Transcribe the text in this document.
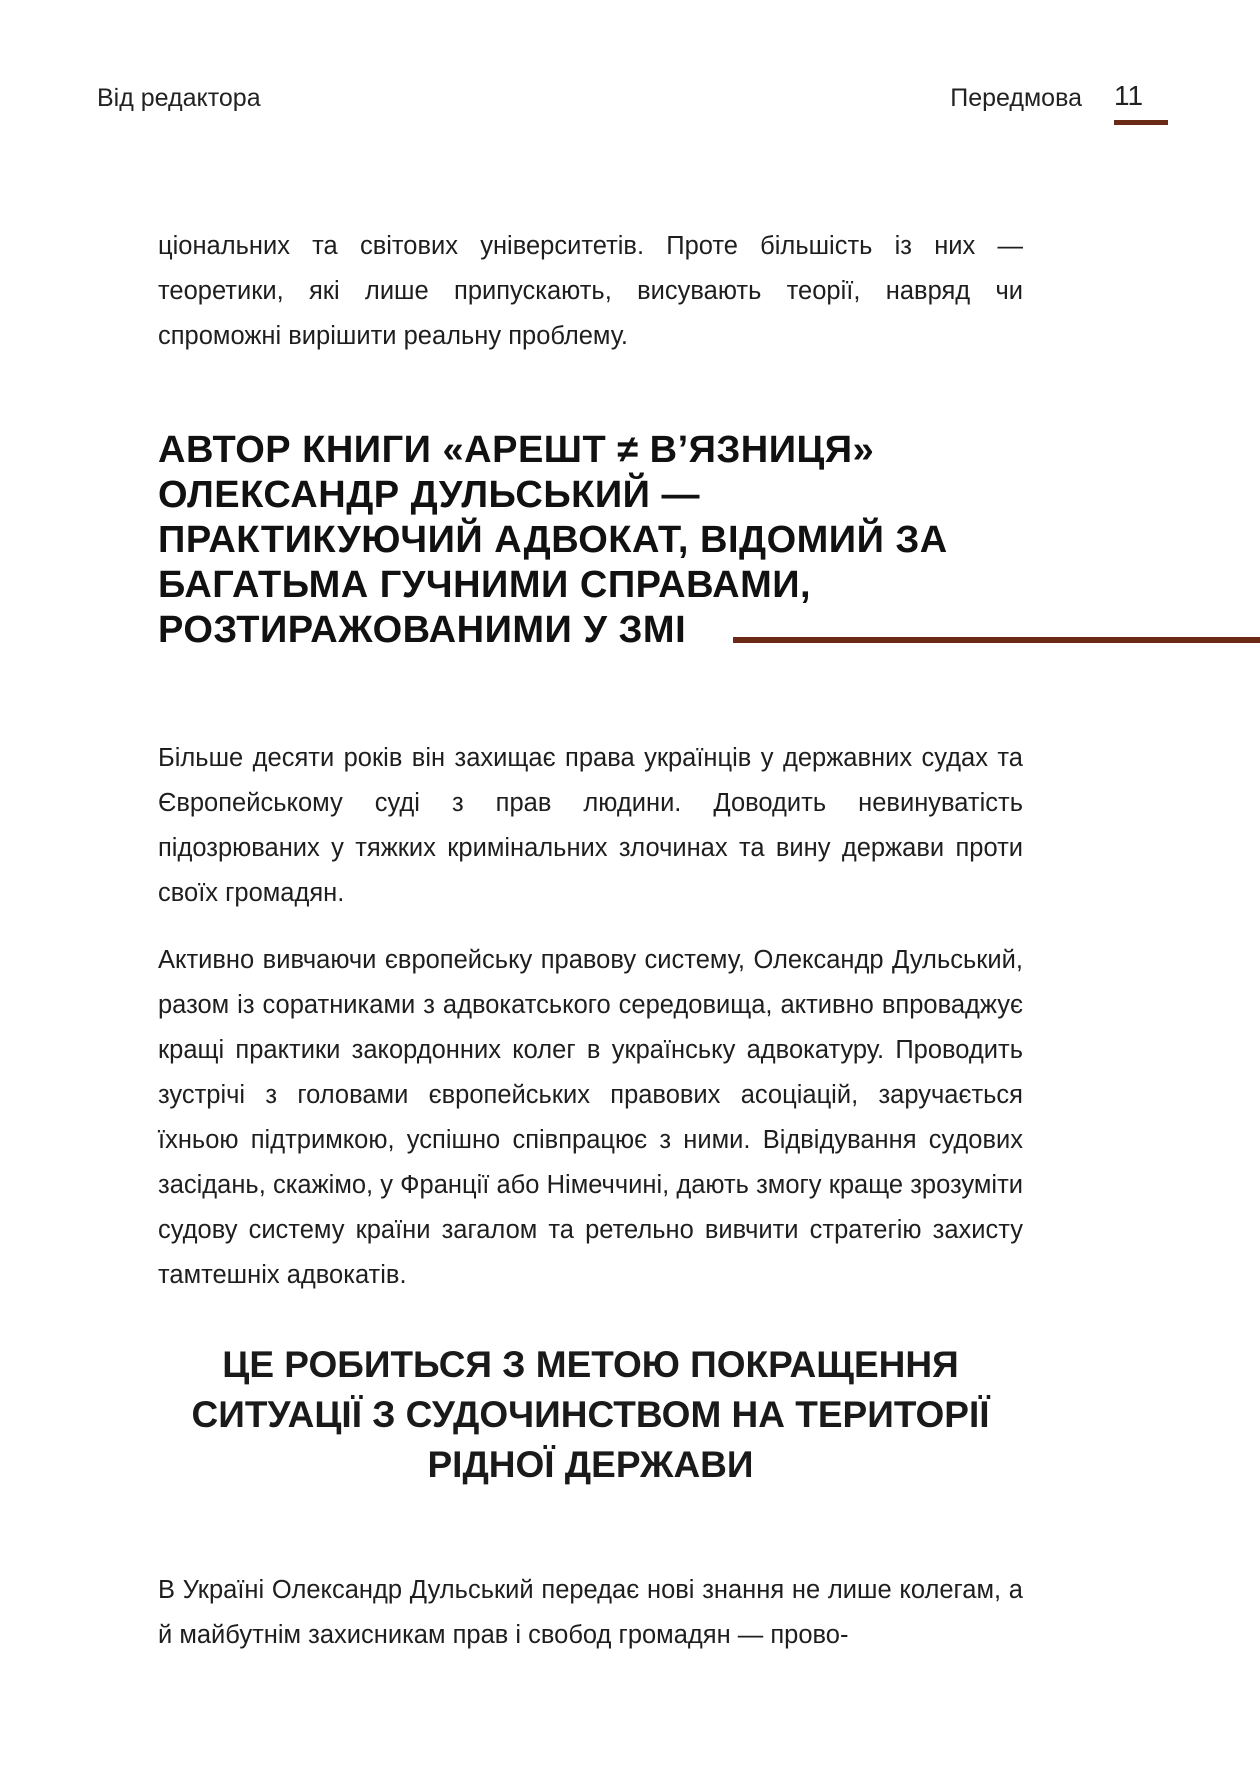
Від редактора	Передмова 11

ціональних та світових університетів. Проте більшість із них — теоретики, які лише припускають, висувають теорії, навряд чи спроможні вирішити реальну проблему.

АВТОР КНИГИ «АРЕШТ ≠ В’ЯЗНИЦЯ» ОЛЕКСАНДР ДУЛЬСЬКИЙ — ПРАКТИКУЮЧИЙ АДВОКАТ, ВІДОМИЙ ЗА БАГАТЬМА ГУЧНИМИ СПРАВАМИ, РОЗТИРАЖОВАНИМИ У ЗМІ

Більше десяти років він захищає права українців у державних судах та Європейському суді з прав людини. Доводить невинуватість підозрюваних у тяжких кримінальних злочинах та вину держави проти своїх громадян.

Активно вивчаючи європейську правову систему, Олександр Дульський, разом із соратниками з адвокатського середовища, активно впроваджує кращі практики закордонних колег в українську адвокатуру. Проводить зустрічі з головами європейських правових асоціацій, заручається їхньою підтримкою, успішно співпрацює з ними. Відвідування судових засідань, скажімо, у Франції або Німеччині, дають змогу краще зрозуміти судову систему країни загалом та ретельно вивчити стратегію захисту тамтешніх адвокатів.

ЦЕ РОБИТЬСЯ З МЕТОЮ ПОКРАЩЕННЯ СИТУАЦІЇ З СУДОЧИНСТВОМ НА ТЕРИТОРІЇ РІДНОЇ ДЕРЖАВИ

В Україні Олександр Дульський передає нові знання не лише колегам, а й майбутнім захисникам прав і свобод громадян — прово-
